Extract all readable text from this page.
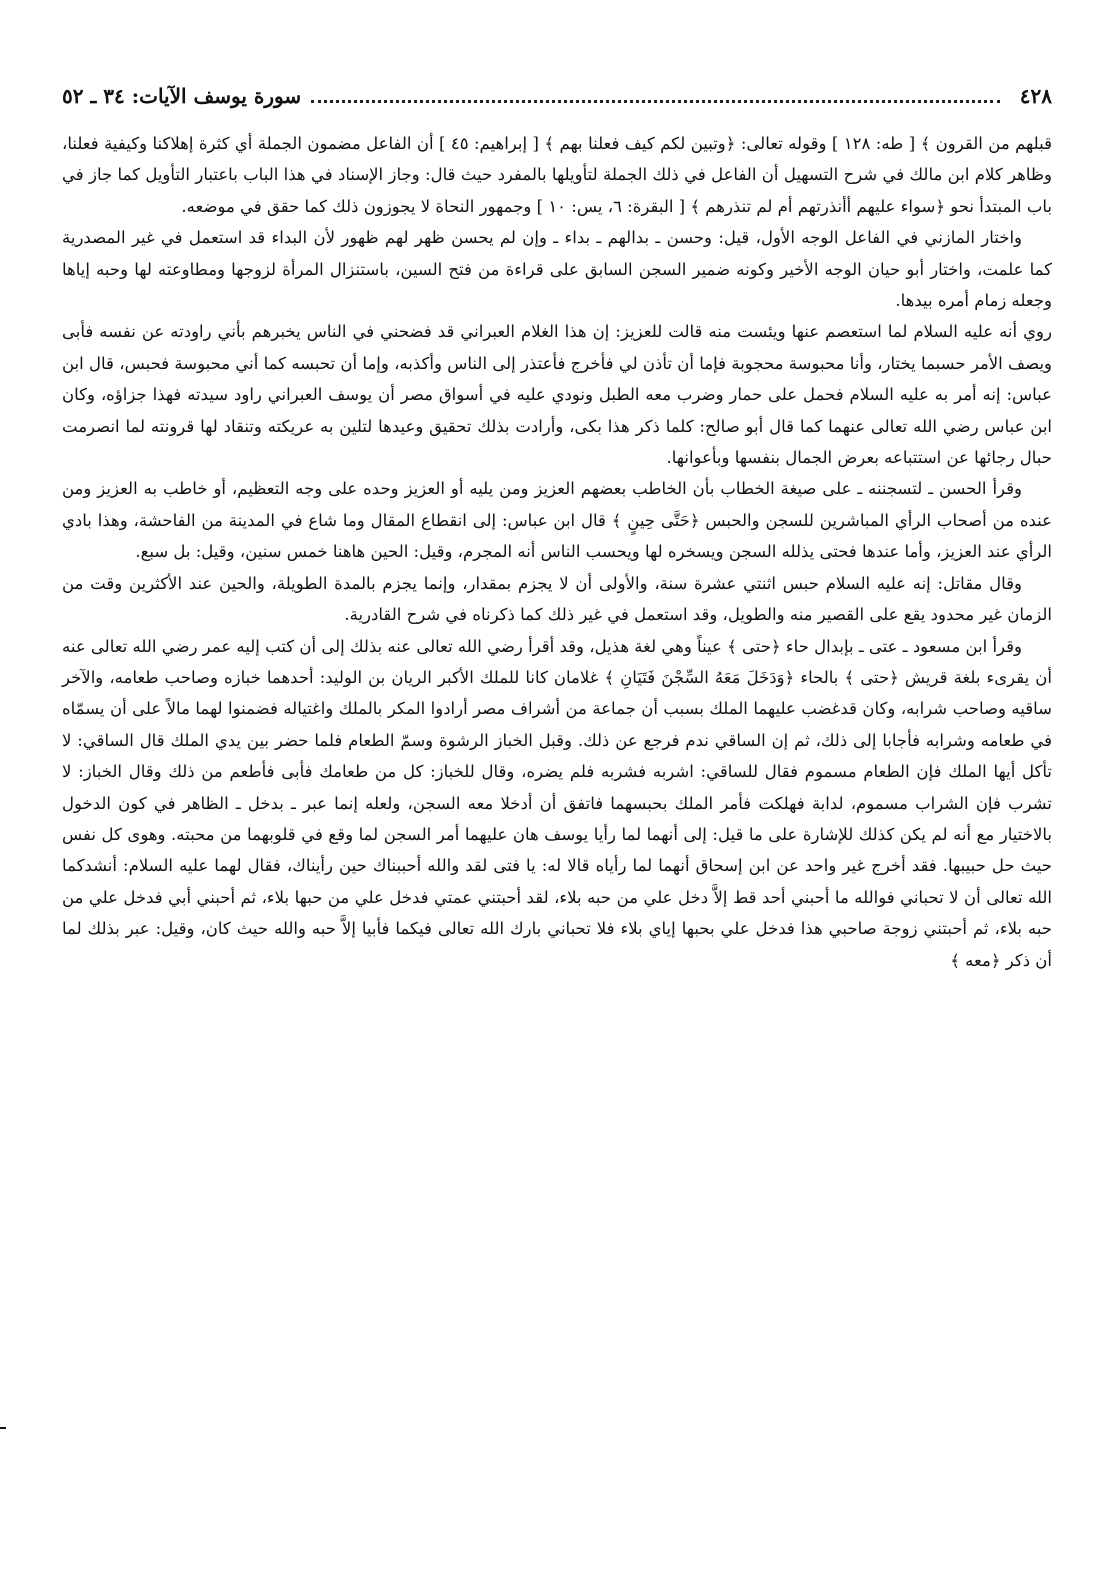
٤٢٨
سورة يوسف الآيات: ٣٤ ـ ٥٢

قبلهم من القرون ﴾ [ طه: ١٢٨ ] وقوله تعالى: ﴿وتبين لكم كيف فعلنا بهم ﴾ [ إبراهيم: ٤٥ ] أن الفاعل مضمون الجملة أي كثرة إهلاكنا وكيفية فعلنا، وظاهر كلام ابن مالك في شرح التسهيل أن الفاعل في ذلك الجملة لتأويلها بالمفرد حيث قال: وجاز الإسناد في هذا الباب باعتبار التأويل كما جاز في باب المبتدأ نحو ﴿سواء عليهم أأنذرتهم أم لم تنذرهم ﴾ [ البقرة: ٦، يس: ١٠ ] وجمهور النحاة لا يجوزون ذلك كما حقق في موضعه.

واختار المازني في الفاعل الوجه الأول، قيل: وحسن ـ بدالهم ـ بداء ـ وإن لم يحسن ظهر لهم ظهور لأن البداء قد استعمل في غير المصدرية كما علمت، واختار أبو حيان الوجه الأخير وكونه ضمير السجن السابق على قراءة من فتح السين، باستنزال المرأة لزوجها ومطاوعته لها وحبه إياها وجعله زمام أمره بيدها.

روي أنه عليه السلام لما استعصم عنها ويئست منه قالت للعزيز: إن هذا الغلام العبراني قد فضحني في الناس يخبرهم بأني راودته عن نفسه فأبى ويصف الأمر حسبما يختار، وأنا محبوسة محجوبة فإما أن تأذن لي فأخرج فأعتذر إلى الناس وأكذبه، وإما أن تحبسه كما أني محبوسة فحبس، قال ابن عباس: إنه أمر به عليه السلام فحمل على حمار وضرب معه الطبل ونودي عليه في أسواق مصر أن يوسف العبراني راود سيدته فهذا جزاؤه، وكان ابن عباس رضي الله تعالى عنهما كما قال أبو صالح: كلما ذكر هذا بكى، وأرادت بذلك تحقيق وعيدها لتلين به عريكته وتنقاد لها قرونته لما انصرمت حبال رجائها عن استتباعه بعرض الجمال بنفسها وبأعوانها.

وقرأ الحسن ـ لتسجننه ـ على صيغة الخطاب بأن الخاطب بعضهم العزيز ومن يليه أو العزيز وحده على وجه التعظيم، أو خاطب به العزيز ومن عنده من أصحاب الرأي المباشرين للسجن والحبس ﴿حَتَّى حِينٍ ﴾ قال ابن عباس: إلى انقطاع المقال وما شاع في المدينة من الفاحشة، وهذا بادي الرأي عند العزيز، وأما عندها فحتى يذلله السجن ويسخره لها ويحسب الناس أنه المجرم، وقيل: الحين هاهنا خمس سنين، وقيل: بل سبع.

وقال مقاتل: إنه عليه السلام حبس اثنتي عشرة سنة، والأولى أن لا يجزم بمقدار، وإنما يجزم بالمدة الطويلة، والحين عند الأكثرين وقت من الزمان غير محدود يقع على القصير منه والطويل، وقد استعمل في غير ذلك كما ذكرناه في شرح القادرية.

وقرأ ابن مسعود ـ عتى ـ بإبدال حاء ﴿حتى ﴾ عيناً وهي لغة هذيل، وقد أقرأ رضي الله تعالى عنه بذلك إلى أن كتب إليه عمر رضي الله تعالى عنه أن يقرىء بلغة قريش ﴿حتى ﴾ بالحاء ﴿وَدَخَلَ مَعَهُ السِّجْنَ فَتَيَانِ ﴾ غلامان كانا للملك الأكبر الريان بن الوليد: أحدهما خبازه وصاحب طعامه، والآخر ساقيه وصاحب شرابه، وكان قدغضب عليهما الملك بسبب أن جماعة من أشراف مصر أرادوا المكر بالملك واغتياله فضمنوا لهما مالاً على أن يسمّاه في طعامه وشرابه فأجابا إلى ذلك، ثم إن الساقي ندم فرجع عن ذلك. وقبل الخباز الرشوة وسمّ الطعام فلما حضر بين يدي الملك قال الساقي: لا تأكل أيها الملك فإن الطعام مسموم فقال للساقي: اشربه فشربه فلم يضره، وقال للخباز: كل من طعامك فأبى فأطعم من ذلك وقال الخباز: لا تشرب فإن الشراب مسموم، لدابة فهلكت فأمر الملك بحبسهما فاتفق أن أدخلا معه السجن، ولعله إنما عبر ـ بدخل ـ الظاهر في كون الدخول بالاختيار مع أنه لم يكن كذلك للإشارة على ما قيل: إلى أنهما لما رأيا يوسف هان عليهما أمر السجن لما وقع في قلوبهما من محبته. وهوى كل نفس حيث حل حبيبها. فقد أخرج غير واحد عن ابن إسحاق أنهما لما رأياه قالا له: يا فتى لقد والله أحببناك حين رأيناك، فقال لهما عليه السلام: أنشدكما الله تعالى أن لا تحباني فوالله ما أحبني أحد قط إلاَّ دخل علي من حبه بلاء، لقد أحبتني عمتي فدخل علي من حبها بلاء، ثم أحبني أبي فدخل علي من حبه بلاء، ثم أحبتني زوجة صاحبي هذا فدخل علي بحبها إياي بلاء فلا تحباني بارك الله تعالى فيكما فأبيا إلاَّ حبه والله حيث كان، وقيل: عبر بذلك لما أن ذكر ﴿معه ﴾
